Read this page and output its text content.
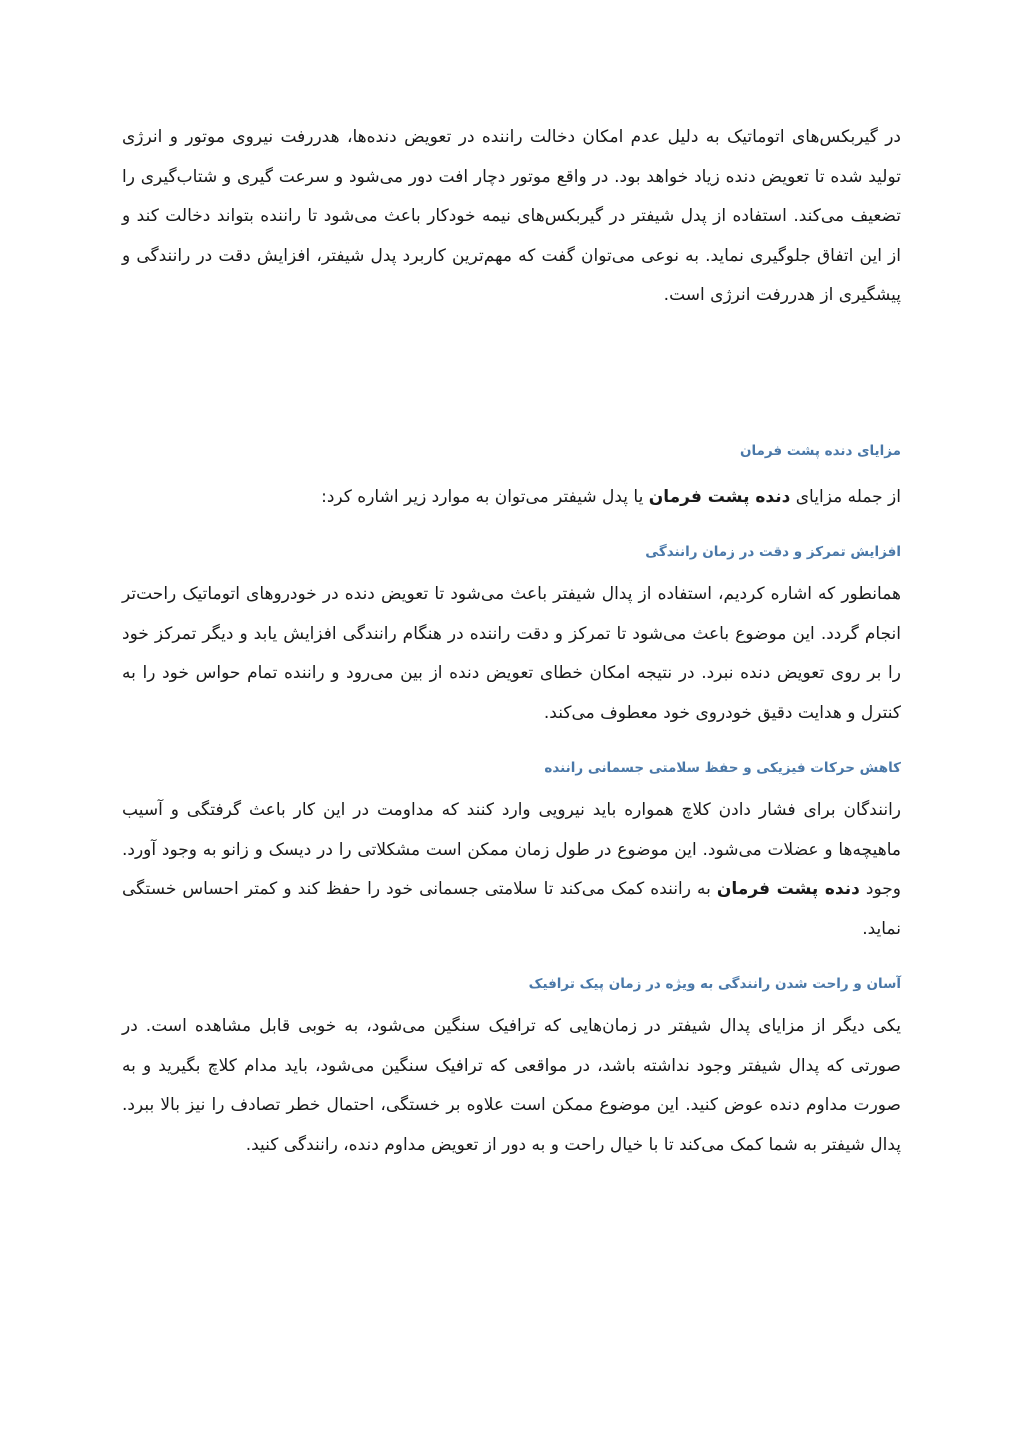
در گیربکس‌های اتوماتیک به دلیل عدم امکان دخالت راننده در تعویض دنده‌ها، هدررفت نیروی موتور و انرژی تولید شده تا تعویض دنده زیاد خواهد بود. در واقع موتور دچار افت دور می‌شود و سرعت گیری و شتاب‌گیری را تضعیف می‌کند. استفاده از پدل شیفتر در گیربکس‌های نیمه خودکار باعث می‌شود تا راننده بتواند دخالت کند و از این اتفاق جلوگیری نماید. به نوعی می‌توان گفت که مهم‌ترین کاربرد پدل شیفتر، افزایش دقت در رانندگی و پیشگیری از هدررفت انرژی است.

مزایای دنده پشت فرمان

از جمله مزایای دنده پشت فرمان یا پدل شیفتر می‌توان به موارد زیر اشاره کرد:

افزایش تمرکز و دقت در زمان رانندگی

همانطور که اشاره کردیم، استفاده از پدال شیفتر باعث می‌شود تا تعویض دنده در خودروهای اتوماتیک راحت‌تر انجام گردد. این موضوع باعث می‌شود تا تمرکز و دقت راننده در هنگام رانندگی افزایش یابد و دیگر تمرکز خود را بر روی تعویض دنده نبرد. در نتیجه امکان خطای تعویض دنده از بین می‌رود و راننده تمام حواس خود را به کنترل و هدایت دقیق خودروی خود معطوف می‌کند.

کاهش حرکات فیزیکی و حفظ سلامتی جسمانی راننده

رانندگان برای فشار دادن کلاچ همواره باید نیرویی وارد کنند که مداومت در این کار باعث گرفتگی و آسیب ماهیچه‌ها و عضلات می‌شود. این موضوع در طول زمان ممکن است مشکلاتی را در دیسک و زانو به وجود آورد. وجود دنده پشت فرمان به راننده کمک می‌کند تا سلامتی جسمانی خود را حفظ کند و کمتر احساس خستگی نماید.

آسان و راحت شدن رانندگی به ویژه در زمان پیک ترافیک

یکی دیگر از مزایای پدال شیفتر در زمان‌هایی که ترافیک سنگین می‌شود، به خوبی قابل مشاهده است. در صورتی که پدال شیفتر وجود نداشته باشد، در مواقعی که ترافیک سنگین می‌شود، باید مدام کلاچ بگیرید و به صورت مداوم دنده عوض کنید. این موضوع ممکن است علاوه بر خستگی، احتمال خطر تصادف را نیز بالا ببرد. پدال شیفتر به شما کمک می‌کند تا با خیال راحت و به دور از تعویض مداوم دنده، رانندگی کنید.
